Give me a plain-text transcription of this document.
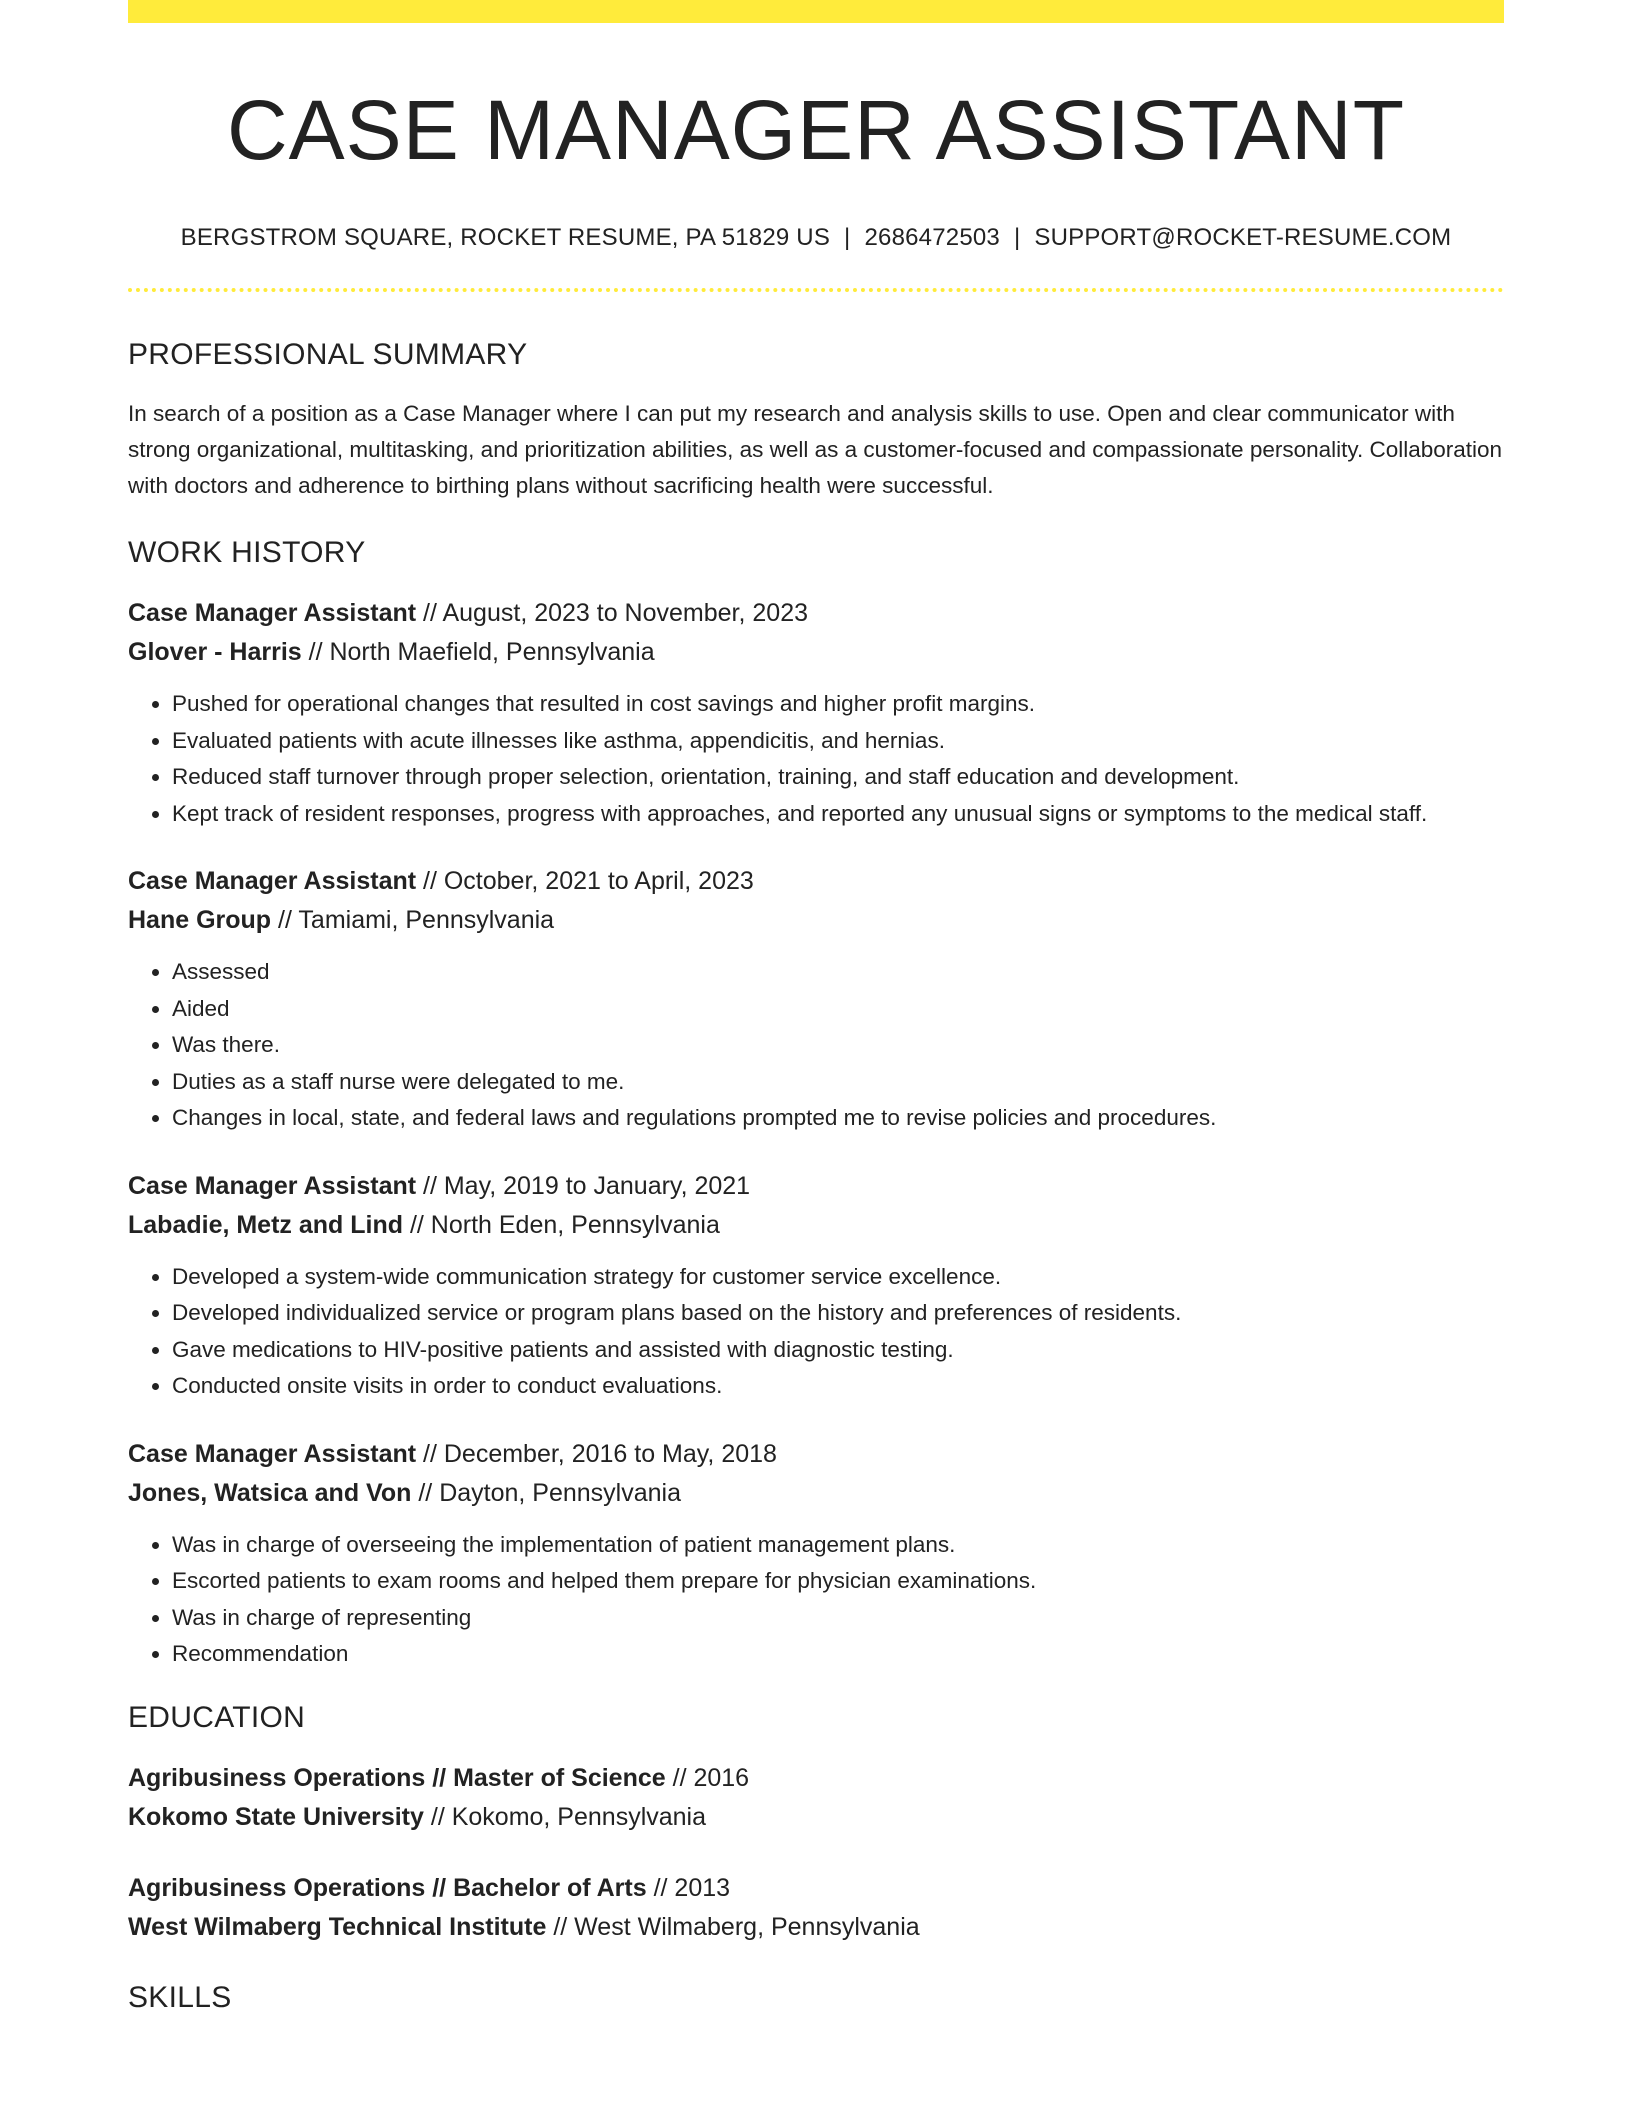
CASE MANAGER ASSISTANT
BERGSTROM SQUARE, ROCKET RESUME, PA 51829 US | 2686472503 | SUPPORT@ROCKET-RESUME.COM
PROFESSIONAL SUMMARY
In search of a position as a Case Manager where I can put my research and analysis skills to use. Open and clear communicator with strong organizational, multitasking, and prioritization abilities, as well as a customer-focused and compassionate personality. Collaboration with doctors and adherence to birthing plans without sacrificing health were successful.
WORK HISTORY
Case Manager Assistant // August, 2023 to November, 2023
Glover - Harris // North Maefield, Pennsylvania
• Pushed for operational changes that resulted in cost savings and higher profit margins.
• Evaluated patients with acute illnesses like asthma, appendicitis, and hernias.
• Reduced staff turnover through proper selection, orientation, training, and staff education and development.
• Kept track of resident responses, progress with approaches, and reported any unusual signs or symptoms to the medical staff.
Case Manager Assistant // October, 2021 to April, 2023
Hane Group // Tamiami, Pennsylvania
• Assessed
• Aided
• Was there.
• Duties as a staff nurse were delegated to me.
• Changes in local, state, and federal laws and regulations prompted me to revise policies and procedures.
Case Manager Assistant // May, 2019 to January, 2021
Labadie, Metz and Lind // North Eden, Pennsylvania
• Developed a system-wide communication strategy for customer service excellence.
• Developed individualized service or program plans based on the history and preferences of residents.
• Gave medications to HIV-positive patients and assisted with diagnostic testing.
• Conducted onsite visits in order to conduct evaluations.
Case Manager Assistant // December, 2016 to May, 2018
Jones, Watsica and Von // Dayton, Pennsylvania
• Was in charge of overseeing the implementation of patient management plans.
• Escorted patients to exam rooms and helped them prepare for physician examinations.
• Was in charge of representing
• Recommendation
EDUCATION
Agribusiness Operations // Master of Science // 2016
Kokomo State University // Kokomo, Pennsylvania
Agribusiness Operations // Bachelor of Arts // 2013
West Wilmaberg Technical Institute // West Wilmaberg, Pennsylvania
SKILLS
